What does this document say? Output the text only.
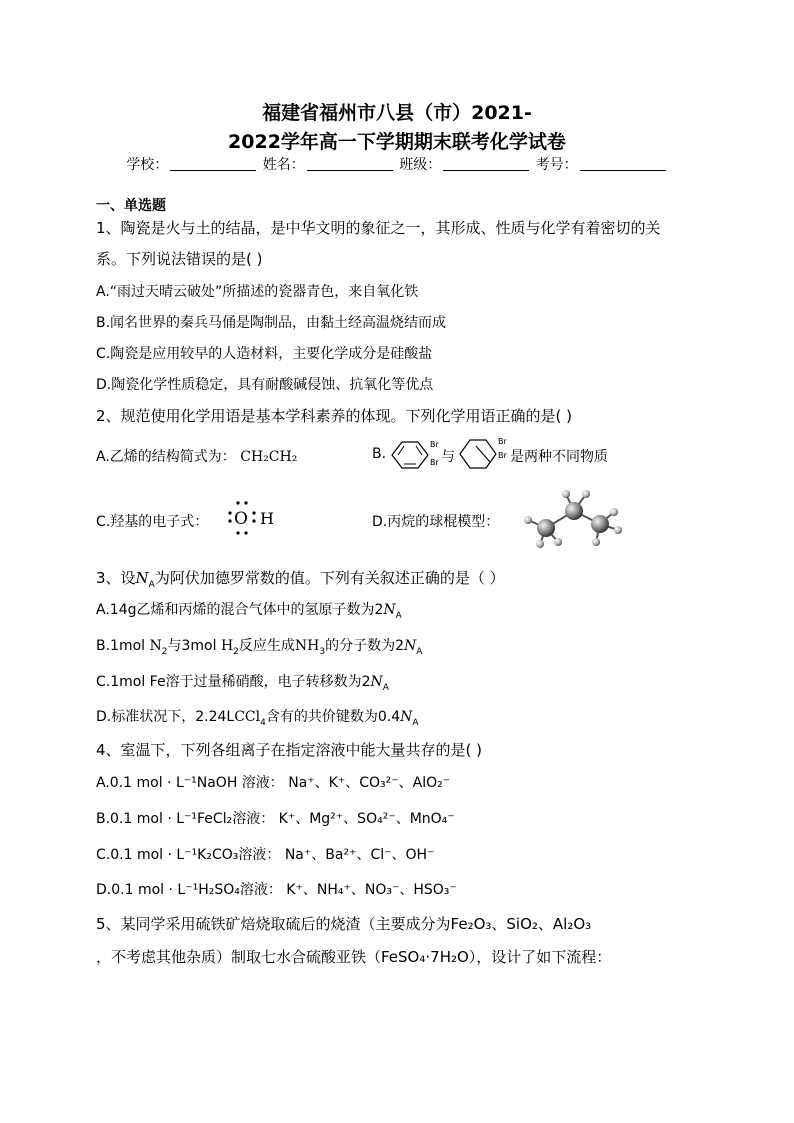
福建省福州市八县（市）2021-
2022学年高一下学期期末联考化学试卷
学校：	姓名：	班级：	考号：
一、单选题
1、陶瓷是火与土的结晶，是中华文明的象征之一，其形成、性质与化学有着密切的关
系。下列说法错误的是( )
A.“雨过天晴云破处”所描述的瓷器青色，来自氧化铁
B.闻名世界的秦兵马俑是陶制品，由黏土经高温烧结而成
C.陶瓷是应用较早的人造材料，主要化学成分是硅酸盐
D.陶瓷化学性质稳定，具有耐酸碱侵蚀、抗氧化等优点
2、规范使用化学用语是基本学科素养的体现。下列化学用语正确的是( )
A.乙烯的结构简式为： CH₂CH₂	B.
Br
Br 与
Br
Br 是两种不同物质
C.羟基的电子式： O H	D.丙烷的球棍模型：
3、设$N_A$为阿伏加德罗常数的值。下列有关叙述正确的是（ ）
A.14g乙烯和丙烯的混合气体中的氢原子数为$2N_A$
B.1mol $N_2$与3mol $H_2$反应生成$NH_3$的分子数为$2N_A$
C.1mol Fe溶于过量稀硝酸，电子转移数为$2N_A$
D.标准状况下，2.24LCCl$_4$含有的共价键数为$0.4N_A$
4、室温下，下列各组离子在指定溶液中能大量共存的是( )
A.0.1 mol · L⁻¹NaOH 溶液： Na⁺、K⁺、CO₃²⁻、AlO₂⁻
B.0.1 mol · L⁻¹FeCl₂溶液： K⁺、Mg²⁺、SO₄²⁻、MnO₄⁻
C.0.1 mol · L⁻¹K₂CO₃溶液： Na⁺、Ba²⁺、Cl⁻、OH⁻
D.0.1 mol · L⁻¹H₂SO₄溶液： K⁺、NH₄⁺、NO₃⁻、HSO₃⁻
5、某同学采用硫铁矿焙烧取硫后的烧渣（主要成分为Fe₂O₃、SiO₂、Al₂O₃
，不考虑其他杂质）制取七水合硫酸亚铁（FeSO₄·7H₂O），设计了如下流程：
